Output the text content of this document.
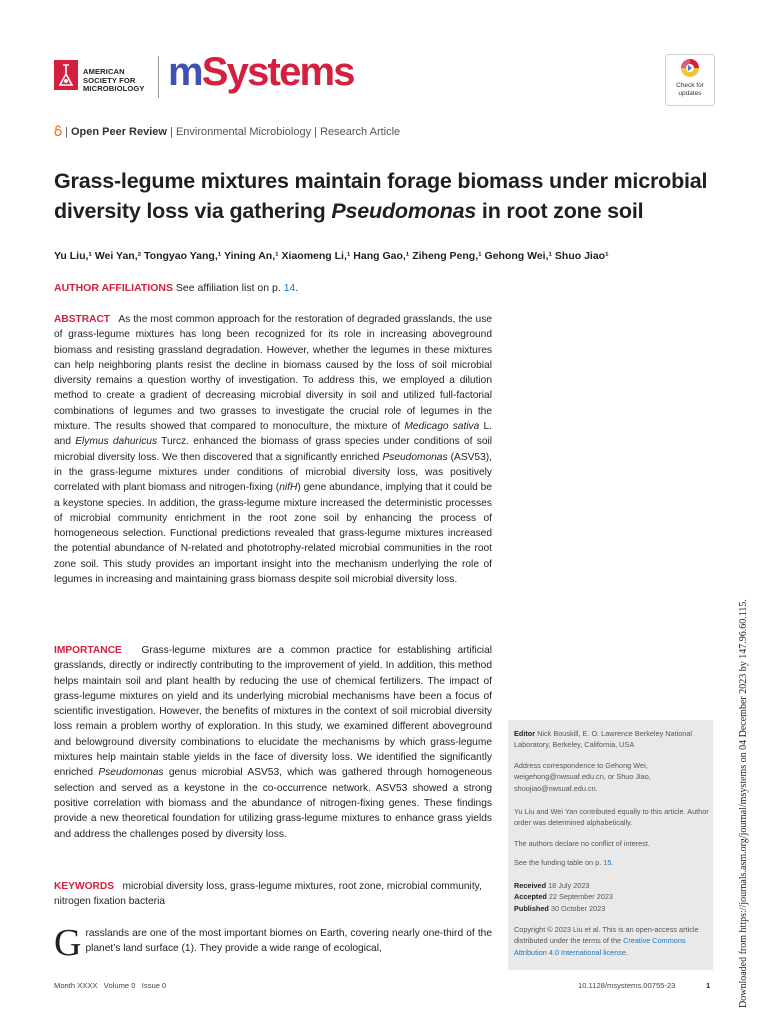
AMERICAN
SOCIETY FOR
MICROBIOLOGY mSystems	Check for
updates
| Open Peer Review | Environmental Microbiology | Research Article
Grass-legume mixtures maintain forage biomass under microbial
diversity loss via gathering Pseudomonas in root zone soil
Yu Liu,¹ Wei Yan,² Tongyao Yang,¹ Yining An,¹ Xiaomeng Li,¹ Hang Gao,¹ Ziheng Peng,¹ Gehong Wei,¹ Shuo Jiao¹
AUTHOR AFFILIATIONS See affiliation list on p. 14.
ABSTRACT As the most common approach for the restoration of degraded grasslands, the use of grass-legume mixtures has long been recognized for its role in increasing aboveground biomass and resisting grassland degradation. However, whether the legumes in these mixtures can help neighboring plants resist the decline in biomass caused by the loss of soil microbial diversity remains a question worthy of investigation. To address this, we employed a dilution method to create a gradient of decreasing microbial diversity in soil and utilized full-factorial combinations of legumes and two grasses to investigate the crucial role of legumes in the mixture. The results showed that compared to monoculture, the mixture of Medicago sativa L. and Elymus dahuricus Turcz. enhanced the biomass of grass species under conditions of soil microbial diversity loss. We then discovered that a significantly enriched Pseudomonas (ASV53), in the grass-legume mixtures under conditions of microbial diversity loss, was positively correlated with plant biomass and nitrogen-fixing (nifH) gene abundance, implying that it could be a keystone species. In addition, the grass-legume mixture increased the deterministic processes of microbial community enrichment in the root zone soil by enhancing the process of homogeneous selection. Functional predictions revealed that grass-legume mixtures increased the potential abundance of N-related and phototrophy-related microbial communities in the root zone soil. This study provides an important insight into the mechanism underlying the role of legumes in increasing and maintaining grass biomass despite soil microbial diversity loss.
IMPORTANCE Grass-legume mixtures are a common practice for establishing artificial grasslands, directly or indirectly contributing to the improvement of yield. In addition, this method helps maintain soil and plant health by reducing the use of chemical fertilizers. The impact of grass-legume mixtures on yield and its underlying microbial mechanisms have been a focus of scientific investigation. However, the benefits of mixtures in the context of soil microbial diversity loss remain a problem worthy of exploration. In this study, we examined different aboveground and belowground diversity combinations to elucidate the mechanisms by which grass-legume mixtures help maintain stable yields in the face of diversity loss. We identified the significantly enriched Pseudomonas genus microbial ASV53, which was gathered through homogeneous selection and served as a keystone in the co-occurrence network. ASV53 showed a strong positive correlation with biomass and the abundance of nitrogen-fixing genes. These findings provide a new theoretical foundation for utilizing grass-legume mixtures to enhance grass yields and address the challenges posed by diversity loss.
KEYWORDS microbial diversity loss, grass-legume mixtures, root zone, microbial community, nitrogen fixation bacteria
Grasslands are one of the most important biomes on Earth, covering nearly one-third of the planet’s land surface (1). They provide a wide range of ecological,
Editor Nick Bouskill, E. O. Lawrence Berkeley National Laboratory, Berkeley, California, USA
Address correspondence to Gehong Wei, weigehong@nwsuaf.edu.cn, or Shuo Jiao, shuojiao@nwsuaf.edu.cn.
Yu Liu and Wei Yan contributed equally to this article. Author order was determined alphabetically.
The authors declare no conflict of interest.
See the funding table on p. 15.
Received 18 July 2023
Accepted 22 September 2023
Published 30 October 2023
Copyright © 2023 Liu et al. This is an open-access article distributed under the terms of the Creative Commons Attribution 4.0 International license.
Month XXXX   Volume 0   Issue 0	10.1128/msystems.00755-23	1	Downloaded from https://journals.asm.org/journal/msystems on 04 December 2023 by 147.96.60.115.
